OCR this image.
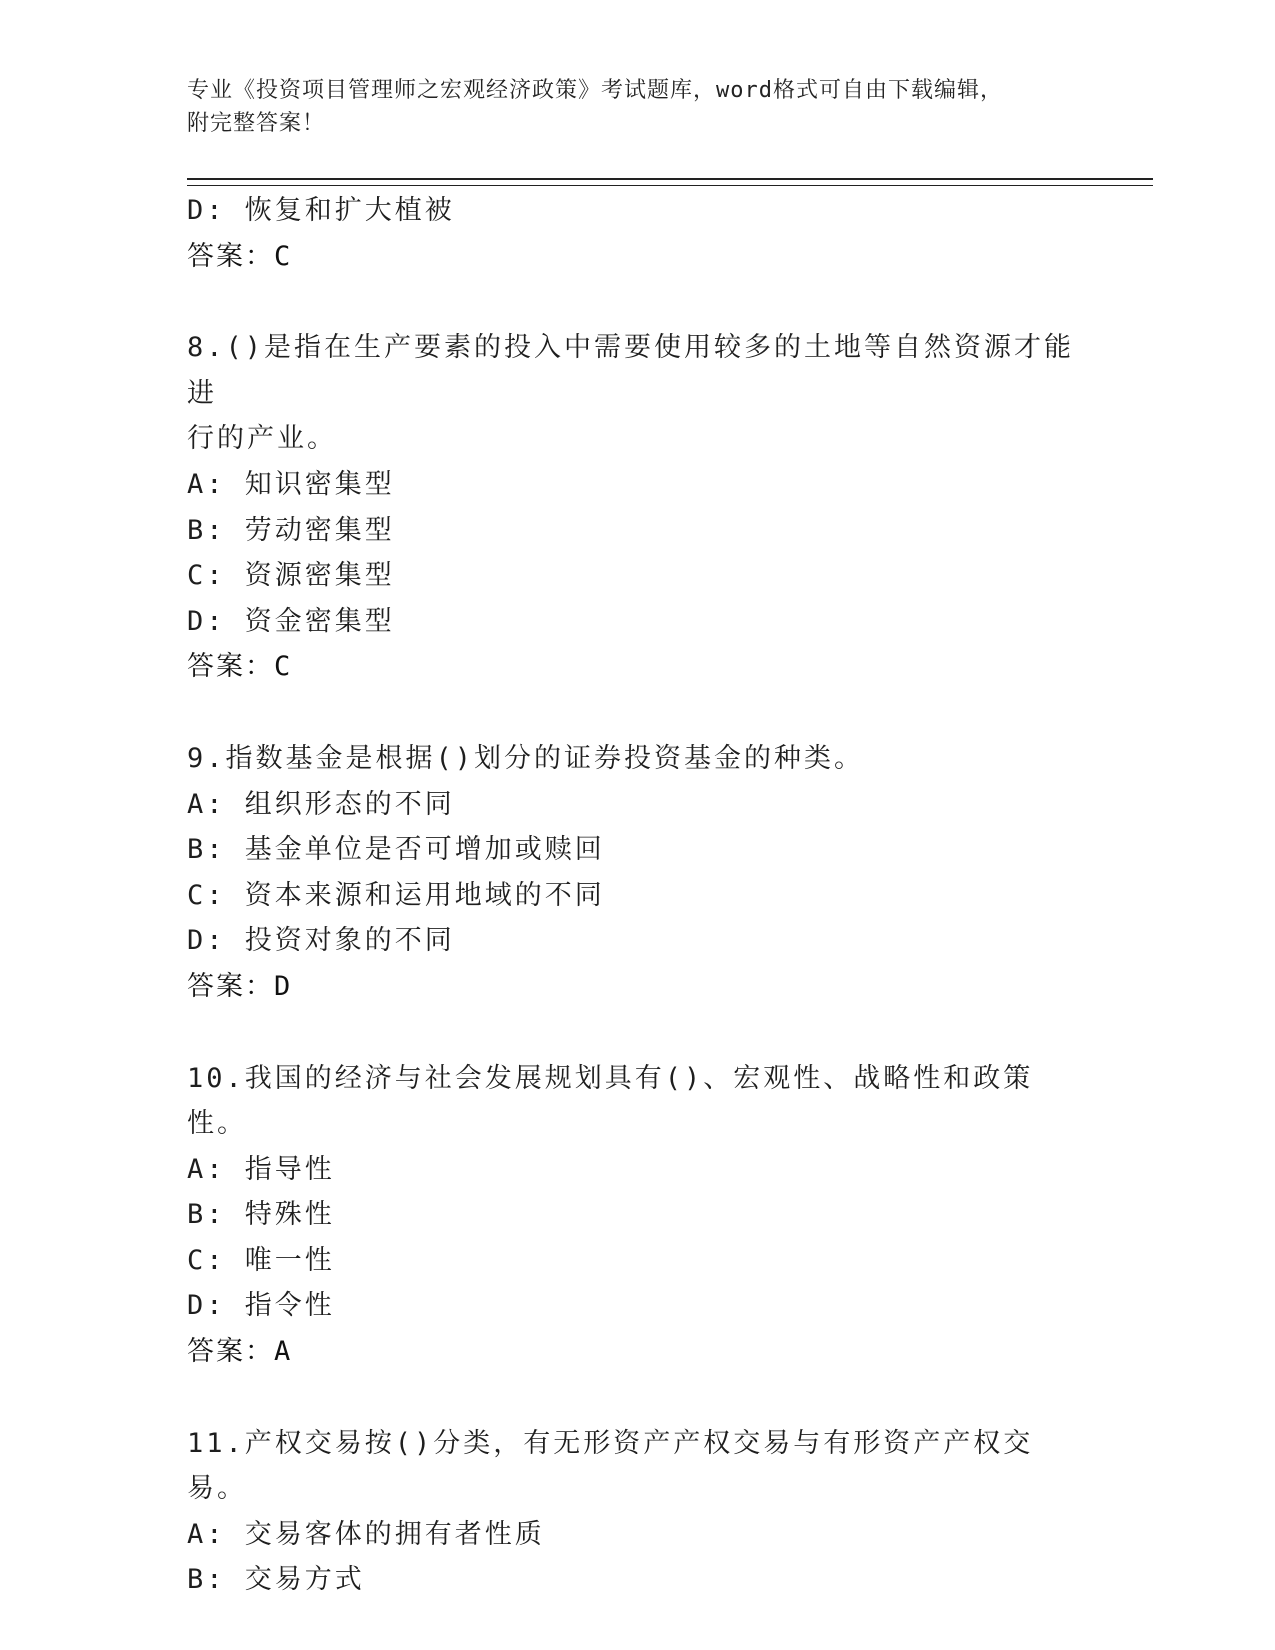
专业《投资项目管理师之宏观经济政策》考试题库，word格式可自由下载编辑，
附完整答案！
D: 恢复和扩大植被
答案：C
8.()是指在生产要素的投入中需要使用较多的土地等自然资源才能进
行的产业。
A: 知识密集型
B: 劳动密集型
C: 资源密集型
D: 资金密集型
答案：C
9.指数基金是根据()划分的证券投资基金的种类。
A: 组织形态的不同
B: 基金单位是否可增加或赎回
C: 资本来源和运用地域的不同
D: 投资对象的不同
答案：D
10.我国的经济与社会发展规划具有()、宏观性、战略性和政策性。
A: 指导性
B: 特殊性
C: 唯一性
D: 指令性
答案：A
11.产权交易按()分类，有无形资产产权交易与有形资产产权交易。
A: 交易客体的拥有者性质
B: 交易方式
